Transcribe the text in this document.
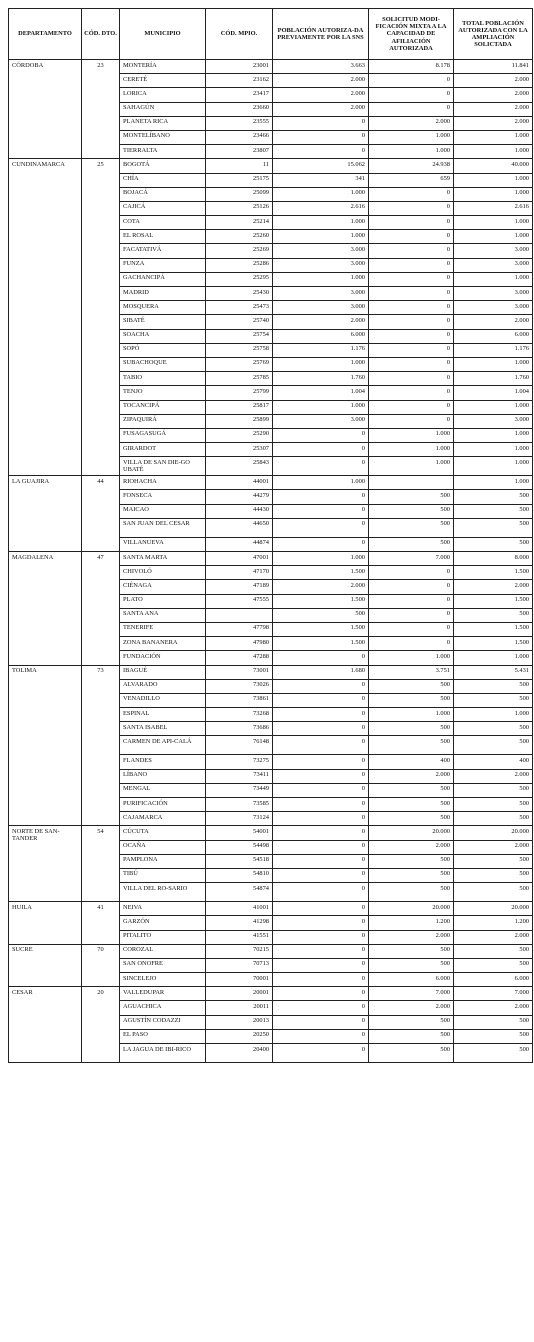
DEPARTAMENTO	CÓD. DTO.	MUNICIPIO	CÓD. MPIO.	POBLACIÓN AUTORIZA-DA PREVIAMENTE POR LA SNS	SOLICITUD MODI-FICACIÓN MIXTA A LA CAPACIDAD DE AFILIACIÓN AUTORIZADA	TOTAL POBLACIÓN AUTORIZADA CON LA AMPLIACIÓN SOLICTADA
CÓRDOBA	23	MONTERÍA	23001	3.663	8.178	11.841
		CERETÉ	23162	2.000	0	2.000
		LORICA	23417	2.000	0	2.000
		SAHAGÚN	23660	2.000	0	2.000
		PLANETA RICA	23555	0	2.000	2.000
		MONTELÍBANO	23466	0	1.000	1.000
		TIERRALTA	23807	0	1.000	1.000
CUNDINAMARCA	25	BOGOTÁ	11	15.062	24.938	40.000
		CHÍA	25175	341	659	1.000
		BOJACÁ	25099	1.000	0	1.000
		CAJICÁ	25126	2.616	0	2.616
		COTA	25214	1.000	0	1.000
		EL ROSAL	25260	1.000	0	1.000
		FACATATIVÁ	25269	3.000	0	3.000
		FUNZA	25286	3.000	0	3.000
		GACHANCIPÁ	25295	1.000	0	1.000
		MADRID	25430	3.000	0	3.000
		MOSQUERA	25473	3.000	0	3.000
		SIBATÉ	25740	2.000	0	2.000
		SOACHA	25754	6.000	0	6.000
		SOPÓ	25758	1.176	0	1.176
		SUBACHOQUE	25769	1.000	0	1.000
		TABIO	25785	1.760	0	1.760
		TENJO	25799	1.004	0	1.004
		TOCANCIPÁ	25817	1.000	0	1.000
		ZIPAQUIRÁ	25899	3.000	0	3.000
		FUSAGASUGÁ	25290	0	1.000	1.000
		GIRARDOT	25307	0	1.000	1.000
		VILLA DE SAN DIE-GO UBATÉ	25843	0	1.000	1.000
LA GUAJIRA	44	RIOHACHA	44001	1.000		1.000
		FONSECA	44279	0	500	500
		MAICAO	44430	0	500	500
		SAN JUAN DEL CESAR	44650	0	500	500
		VILLANUEVA	44874	0	500	500
MAGDALENA	47	SANTA MARTA	47001	1.000	7.000	8.000
		CHIVOLÓ	47170	1.500	0	1.500
		CIÉNAGA	47189	2.000	0	2.000
		PLATO	47555	1.500	0	1.500
		SANTA ANA		500	0	500
		TENERIFE	47798	1.500	0	1.500
		ZONA BANANERA	47980	1.500	0	1.500
		FUNDACIÓN	47288	0	1.000	1.000
TOLIMA	73	IBAGUÉ	73001	1.680	3.751	5.431
		ALVARADO	73026	0	500	500
		VENADILLO	73861	0	500	500
		ESPINAL	73268	0	1.000	1.000
		SANTA ISABEL	73686	0	500	500
		CARMEN DE API-CALÁ	76148	0	500	500
		FLANDES	73275	0	400	400
		LÍBANO	73411	0	2.000	2.000
		MENGAL	73449	0	500	500
		PURIFICACIÓN	73585	0	500	500
		CAJAMARCA	73124	0	500	500
NORTE DE SAN-TANDER	54	CÚCUTA	54001	0	20.000	20.000
		OCAÑA	54498	0	2.000	2.000
		PAMPLONA	54518	0	500	500
		TIBÚ	54810	0	500	500
		VILLA DEL RO-SARIO	54874	0	500	500
HUILA	41	NEIVA	41001	0	20.000	20.000
		GARZÓN	41298	0	1.200	1.200
		PITALITO	41551	0	2.000	2.000
SUCRE	70	COROZAL	70215	0	500	500
		SAN ONOFRE	70713	0	500	500
		SINCELEJO	70001	0	6.000	6.000
CESAR	20	VALLEDUPAR	20001	0	7.000	7.000
		AGUACHICA	20011	0	2.000	2.000
		AGUSTÍN CODAZZI	20013	0	500	500
		EL PASO	20250	0	500	500
		LA JAGUA DE IBI-RICO	20400	0	500	500
